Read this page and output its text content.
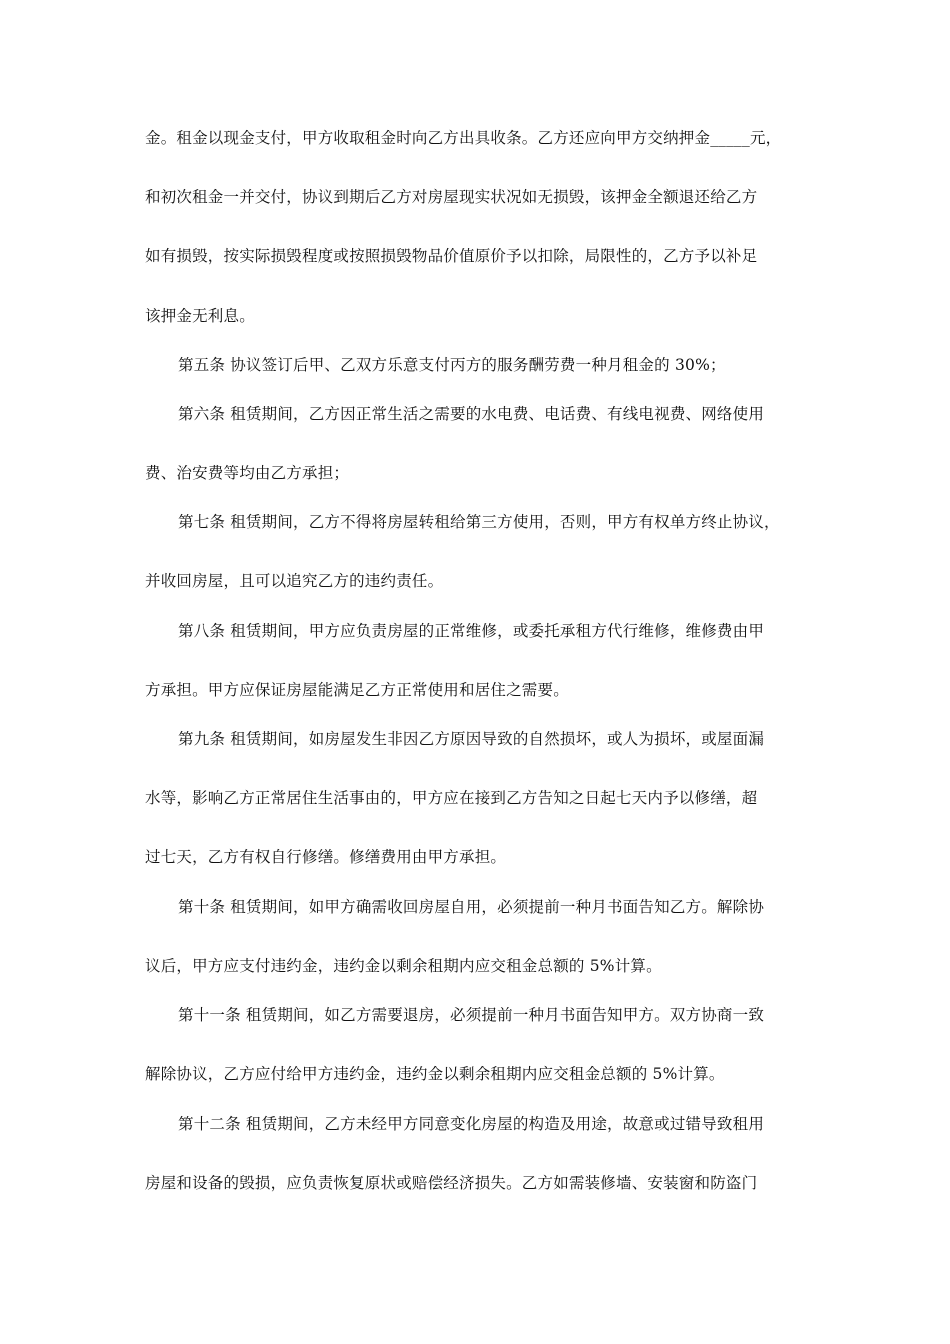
金。租金以现金支付，甲方收取租金时向乙方出具收条。乙方还应向甲方交纳押金_____元，
和初次租金一并交付，协议到期后乙方对房屋现实状况如无损毁，该押金全额退还给乙方
如有损毁，按实际损毁程度或按照损毁物品价值原价予以扣除，局限性的，乙方予以补足
该押金无利息。
第五条 协议签订后甲、乙双方乐意支付丙方的服务酬劳费一种月租金的 30%；
第六条 租赁期间，乙方因正常生活之需要的水电费、电话费、有线电视费、网络使用
费、治安费等均由乙方承担；
第七条 租赁期间，乙方不得将房屋转租给第三方使用，否则，甲方有权单方终止协议，
并收回房屋，且可以追究乙方的违约责任。
第八条 租赁期间，甲方应负责房屋的正常维修，或委托承租方代行维修，维修费由甲
方承担。甲方应保证房屋能满足乙方正常使用和居住之需要。
第九条 租赁期间，如房屋发生非因乙方原因导致的自然损坏，或人为损坏，或屋面漏
水等，影响乙方正常居住生活事由的，甲方应在接到乙方告知之日起七天内予以修缮，超
过七天，乙方有权自行修缮。修缮费用由甲方承担。
第十条 租赁期间，如甲方确需收回房屋自用，必须提前一种月书面告知乙方。解除协
议后，甲方应支付违约金，违约金以剩余租期内应交租金总额的 5%计算。
第十一条 租赁期间，如乙方需要退房，必须提前一种月书面告知甲方。双方协商一致
解除协议，乙方应付给甲方违约金，违约金以剩余租期内应交租金总额的 5%计算。
第十二条 租赁期间，乙方未经甲方同意变化房屋的构造及用途，故意或过错导致租用
房屋和设备的毁损，应负责恢复原状或赔偿经济损失。乙方如需装修墙、安装窗和防盗门
